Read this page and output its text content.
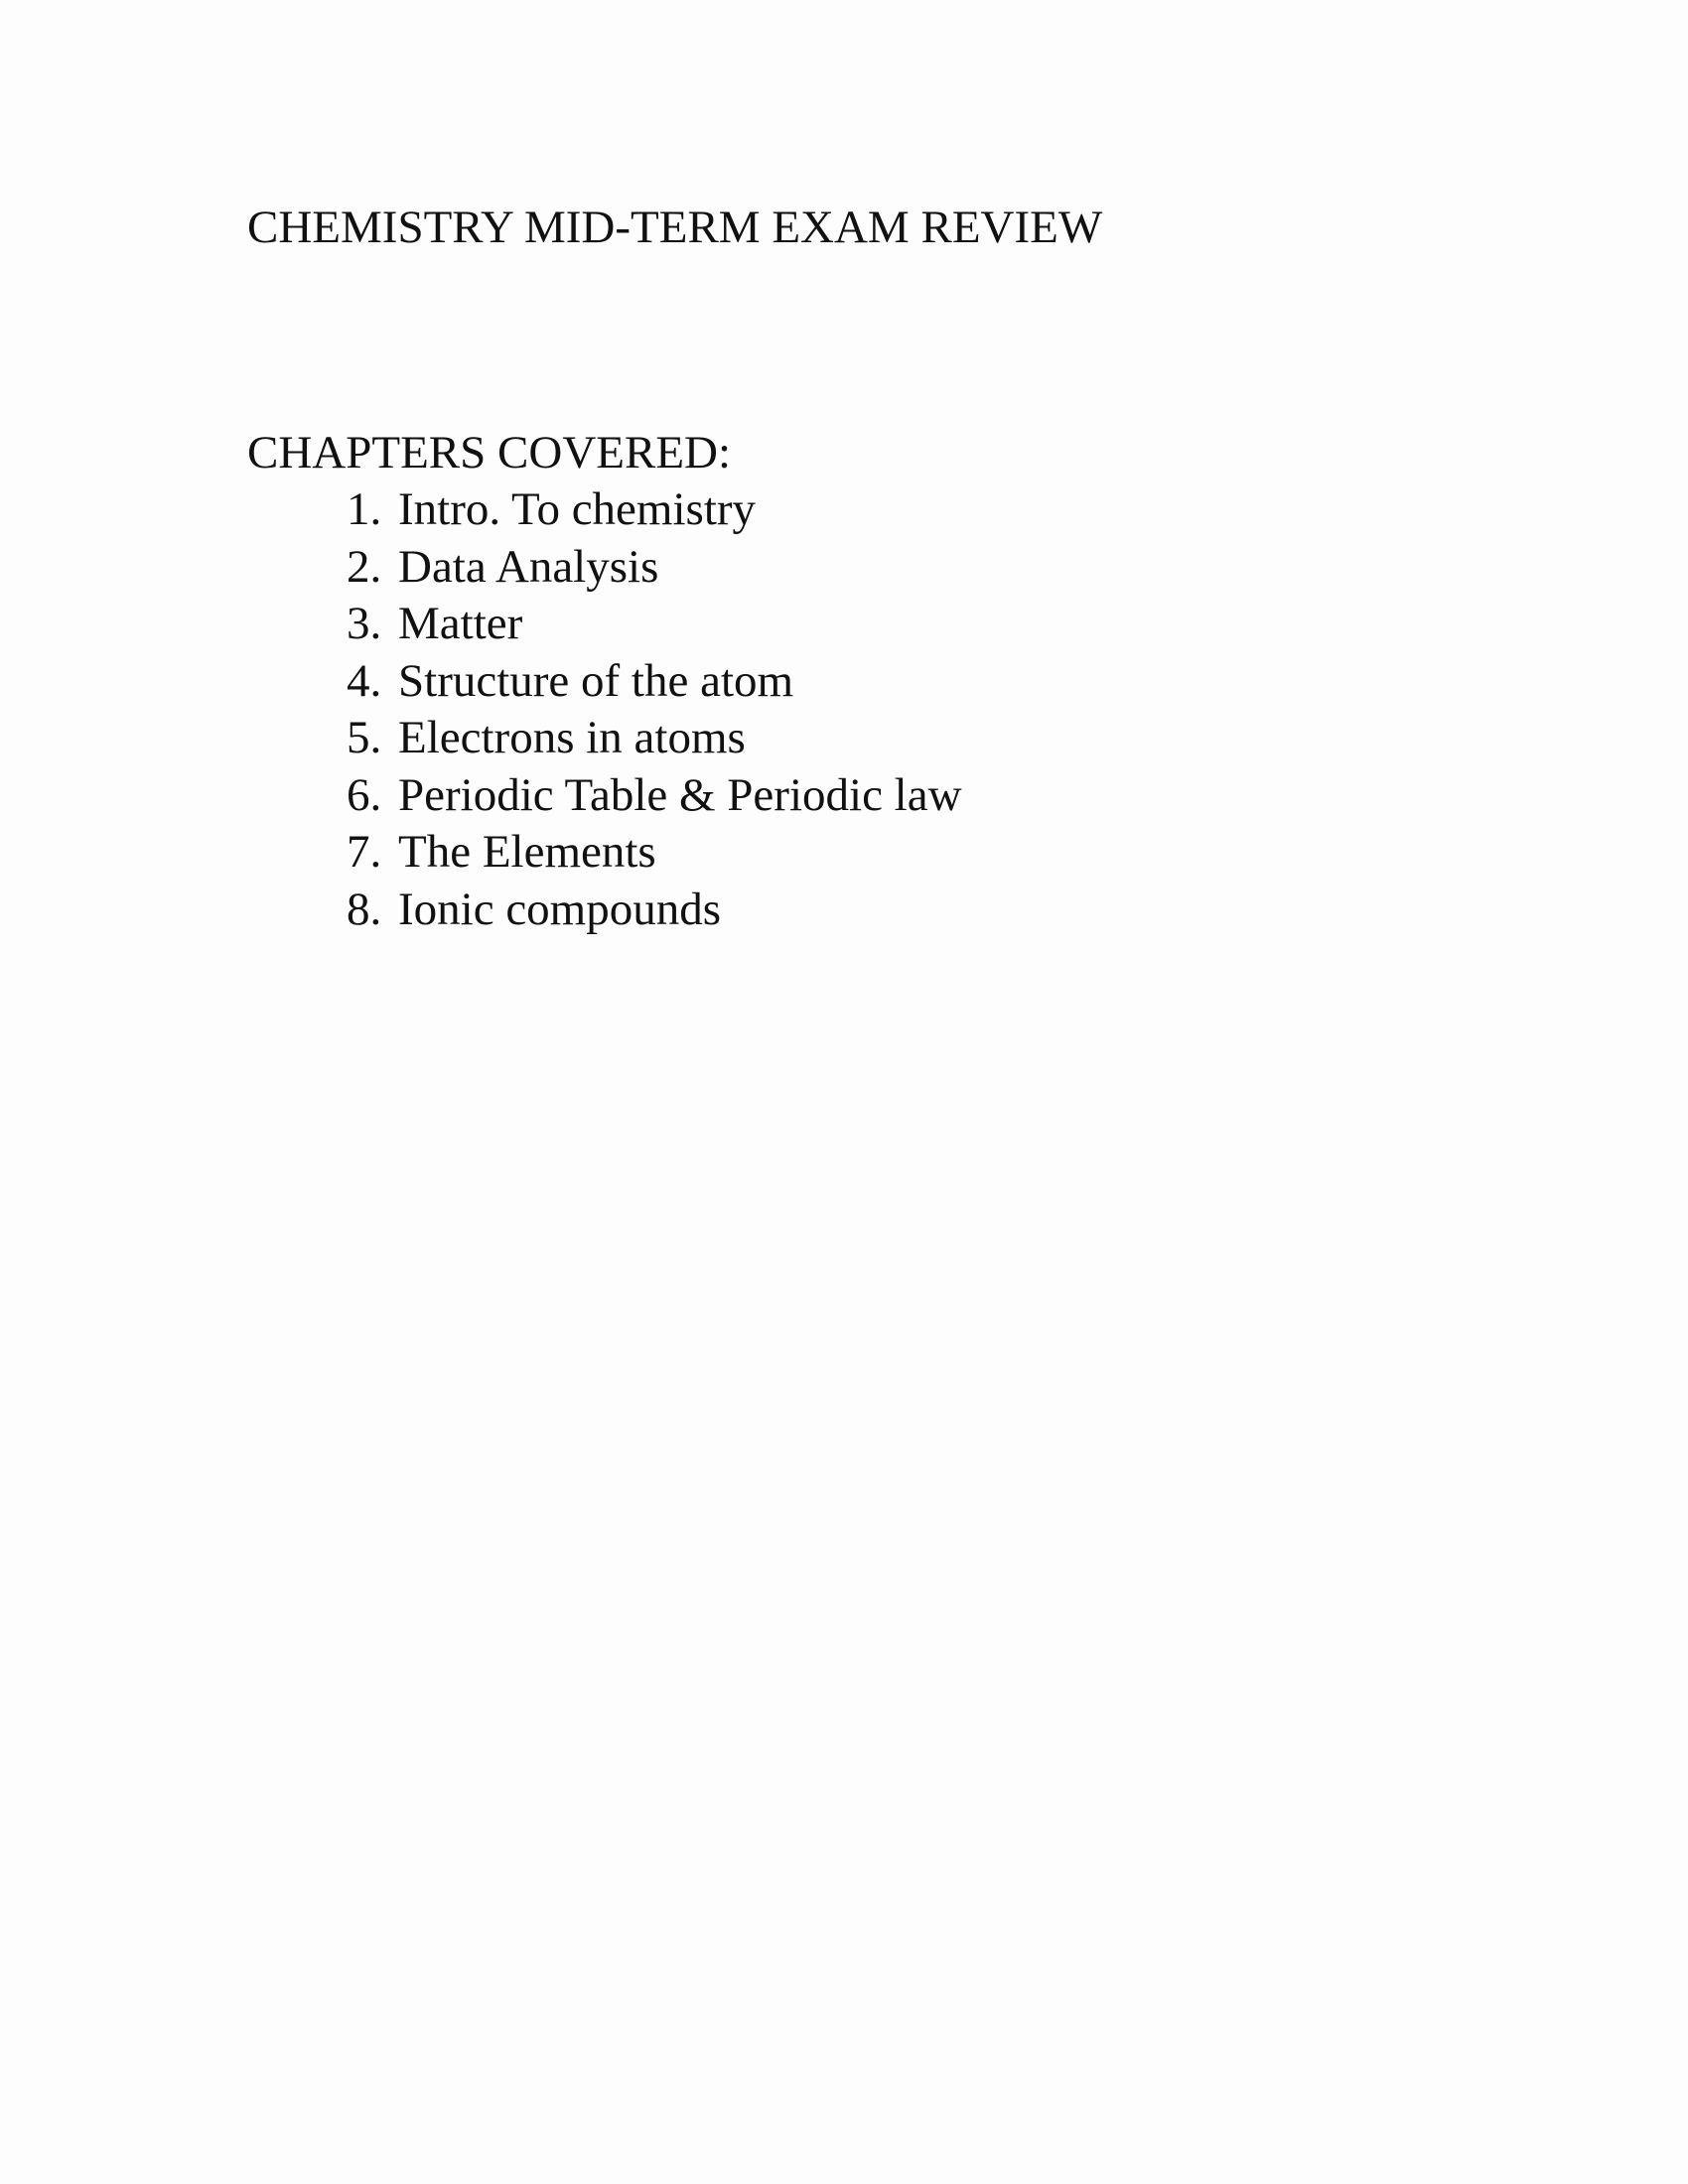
CHEMISTRY MID-TERM EXAM REVIEW
CHAPTERS COVERED:
1. Intro. To chemistry
2. Data Analysis
3. Matter
4. Structure of the atom
5. Electrons in atoms
6. Periodic Table & Periodic law
7. The Elements
8. Ionic compounds
